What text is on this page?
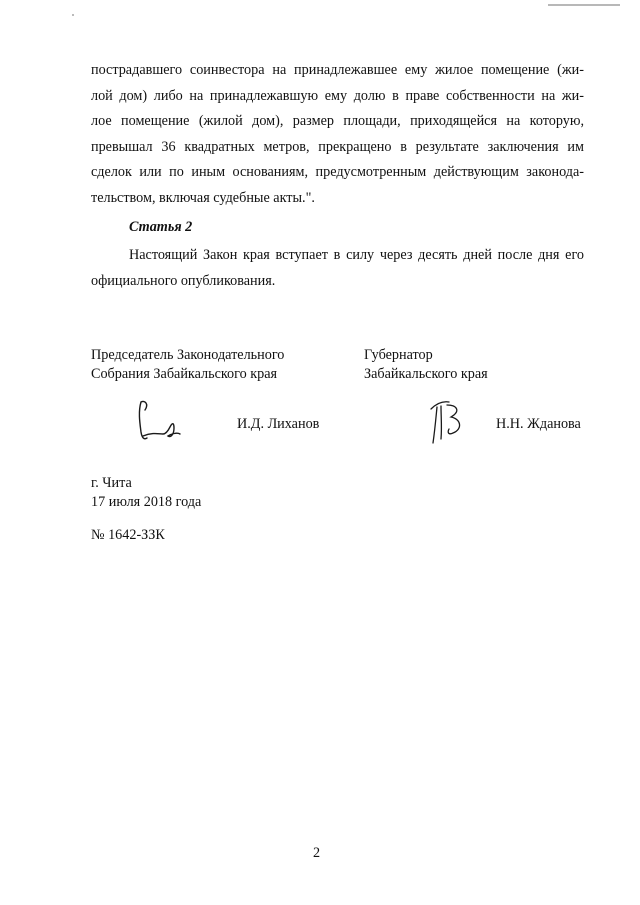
пострадавшего соинвестора на принадлежавшее ему жилое помещение (жи-
лой дом) либо на принадлежавшую ему долю в праве собственности на жи-
лое помещение (жилой дом), размер площади, приходящейся на которую,
превышал 36 квадратных метров, прекращено в результате заключения им
сделок или по иным основаниям, предусмотренным действующим законода-
тельством, включая судебные акты.".
Статья 2
Настоящий Закон края вступает в силу через десять дней после дня его
официального опубликования.
Председатель Законодательного
Собрания Забайкальского края
Губернатор
Забайкальского края
И.Д. Лиханов	Н.Н. Жданова
г. Чита
17 июля 2018 года
№ 1642-ЗЗК
2
